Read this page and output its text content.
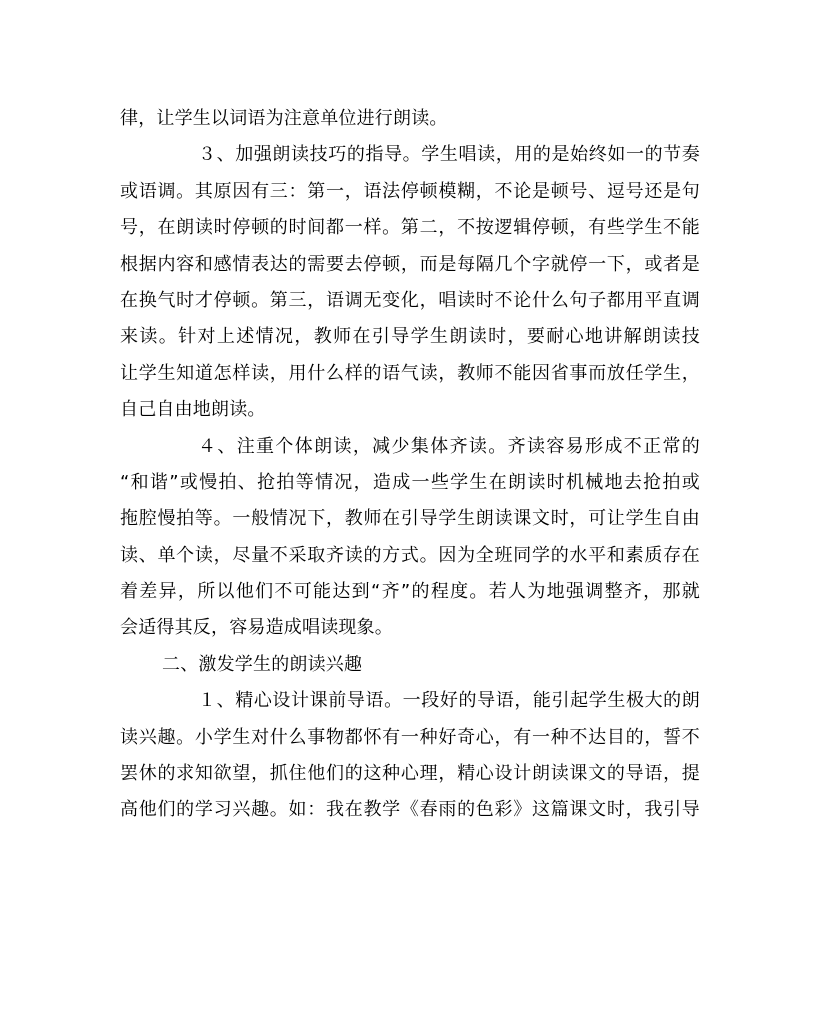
律，让学生以词语为注意单位进行朗读。
３、加强朗读技巧的指导。学生唱读，用的是始终如一的节奏
或语调。其原因有三：第一，语法停顿模糊，不论是顿号、逗号还是句
号，在朗读时停顿的时间都一样。第二，不按逻辑停顿，有些学生不能
根据内容和感情表达的需要去停顿，而是每隔几个字就停一下，或者是
在换气时才停顿。第三，语调无变化，唱读时不论什么句子都用平直调
来读。针对上述情况，教师在引导学生朗读时，要耐心地讲解朗读技
让学生知道怎样读，用什么样的语气读，教师不能因省事而放任学生，
自己自由地朗读。
４、注重个体朗读，减少集体齐读。齐读容易形成不正常的
“和谐”或慢拍、抢拍等情况，造成一些学生在朗读时机械地去抢拍或
拖腔慢拍等。一般情况下，教师在引导学生朗读课文时，可让学生自由
读、单个读，尽量不采取齐读的方式。因为全班同学的水平和素质存在
着差异，所以他们不可能达到“齐”的程度。若人为地强调整齐，那就
会适得其反，容易造成唱读现象。
二、激发学生的朗读兴趣
１、精心设计课前导语。一段好的导语，能引起学生极大的朗
读兴趣。小学生对什么事物都怀有一种好奇心，有一种不达目的，誓不
罢休的求知欲望，抓住他们的这种心理，精心设计朗读课文的导语，提
高他们的学习兴趣。如：我在教学《春雨的色彩》这篇课文时，我引导
